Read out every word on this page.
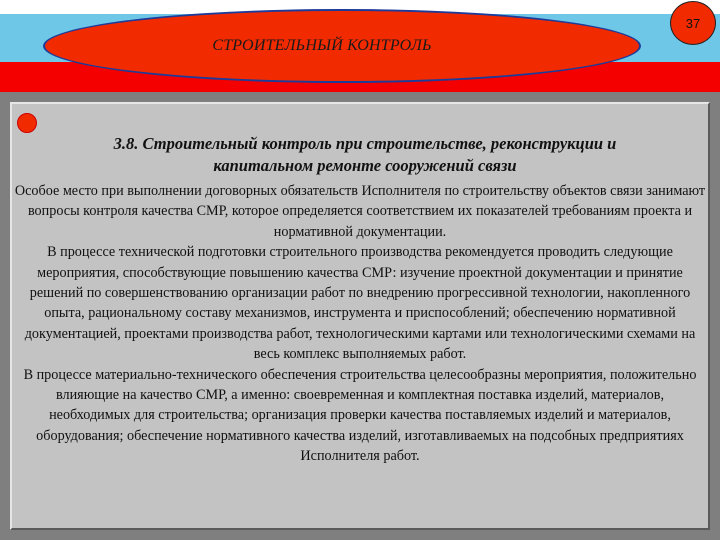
СТРОИТЕЛЬНЫЙ КОНТРОЛЬ
37
3.8. Строительный контроль при строительстве, реконструкции и
капитальном ремонте сооружений связи

Особое место при выполнении договорных обязательств Исполнителя по строительству объектов связи занимают вопросы контроля качества СМР, которое определяется соответствием их показателей требованиям проекта и нормативной документации.

В процессе технической подготовки строительного производства рекомендуется проводить следующие мероприятия, способствующие повышению качества СМР: изучение проектной документации и принятие решений по совершенствованию организации работ по внедрению прогрессивной технологии, накопленного опыта, рациональному составу механизмов, инструмента и приспособлений; обеспечению нормативной документацией, проектами производства работ, технологическими картами или технологическими схемами на весь комплекс выполняемых работ.

В процессе материально-технического обеспечения строительства целесообразны мероприятия, положительно влияющие на качество СМР, а именно: своевременная и комплектная поставка изделий, материалов, необходимых для строительства; организация проверки качества поставляемых изделий и материалов, оборудования; обеспечение нормативного качества изделий, изготавливаемых на подсобных предприятиях Исполнителя работ.
